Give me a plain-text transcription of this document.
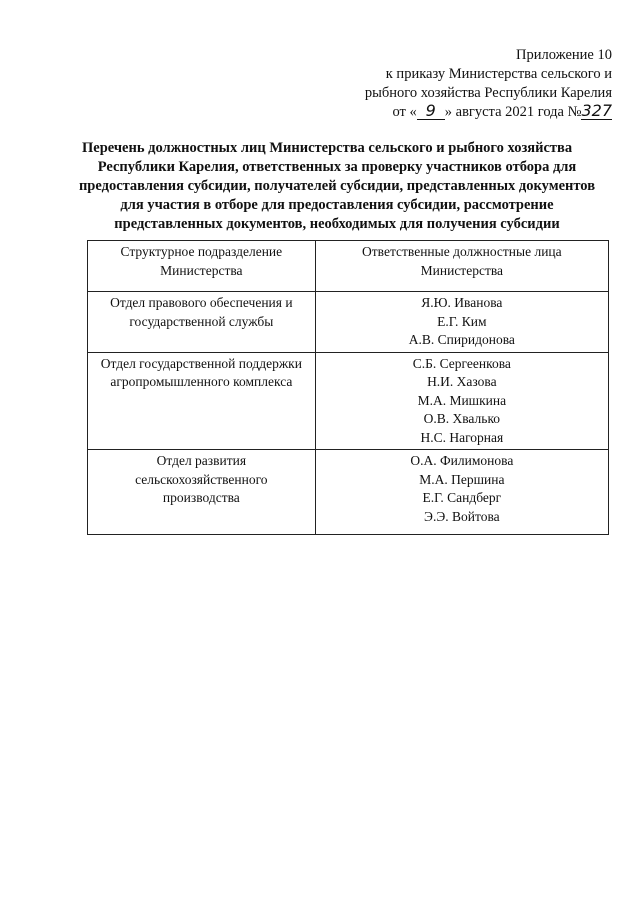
Приложение 10
к приказу Министерства сельского и
рыбного хозяйства Республики Карелия
от « 9 » августа 2021 года №327
Перечень должностных лиц Министерства сельского и рыбного хозяйства
Республики Карелия, ответственных за проверку участников отбора для
предоставления субсидии, получателей субсидии, представленных документов
для участия в отборе для предоставления субсидии, рассмотрение
представленных документов, необходимых для получения субсидии
Структурное подразделение
Министерства	Ответственные должностные лица
Министерства

Отдел правового обеспечения и
государственной службы	Я.Ю. Иванова
Е.Г. Ким
А.В. Спиридонова

Отдел государственной поддержки
агропромышленного комплекса	С.Б. Сергеенкова
Н.И. Хазова
М.А. Мишкина
О.В. Хвалько
Н.С. Нагорная

Отдел развития
сельскохозяйственного
производства	О.А. Филимонова
М.А. Першина
Е.Г. Сандберг
Э.Э. Войтова
